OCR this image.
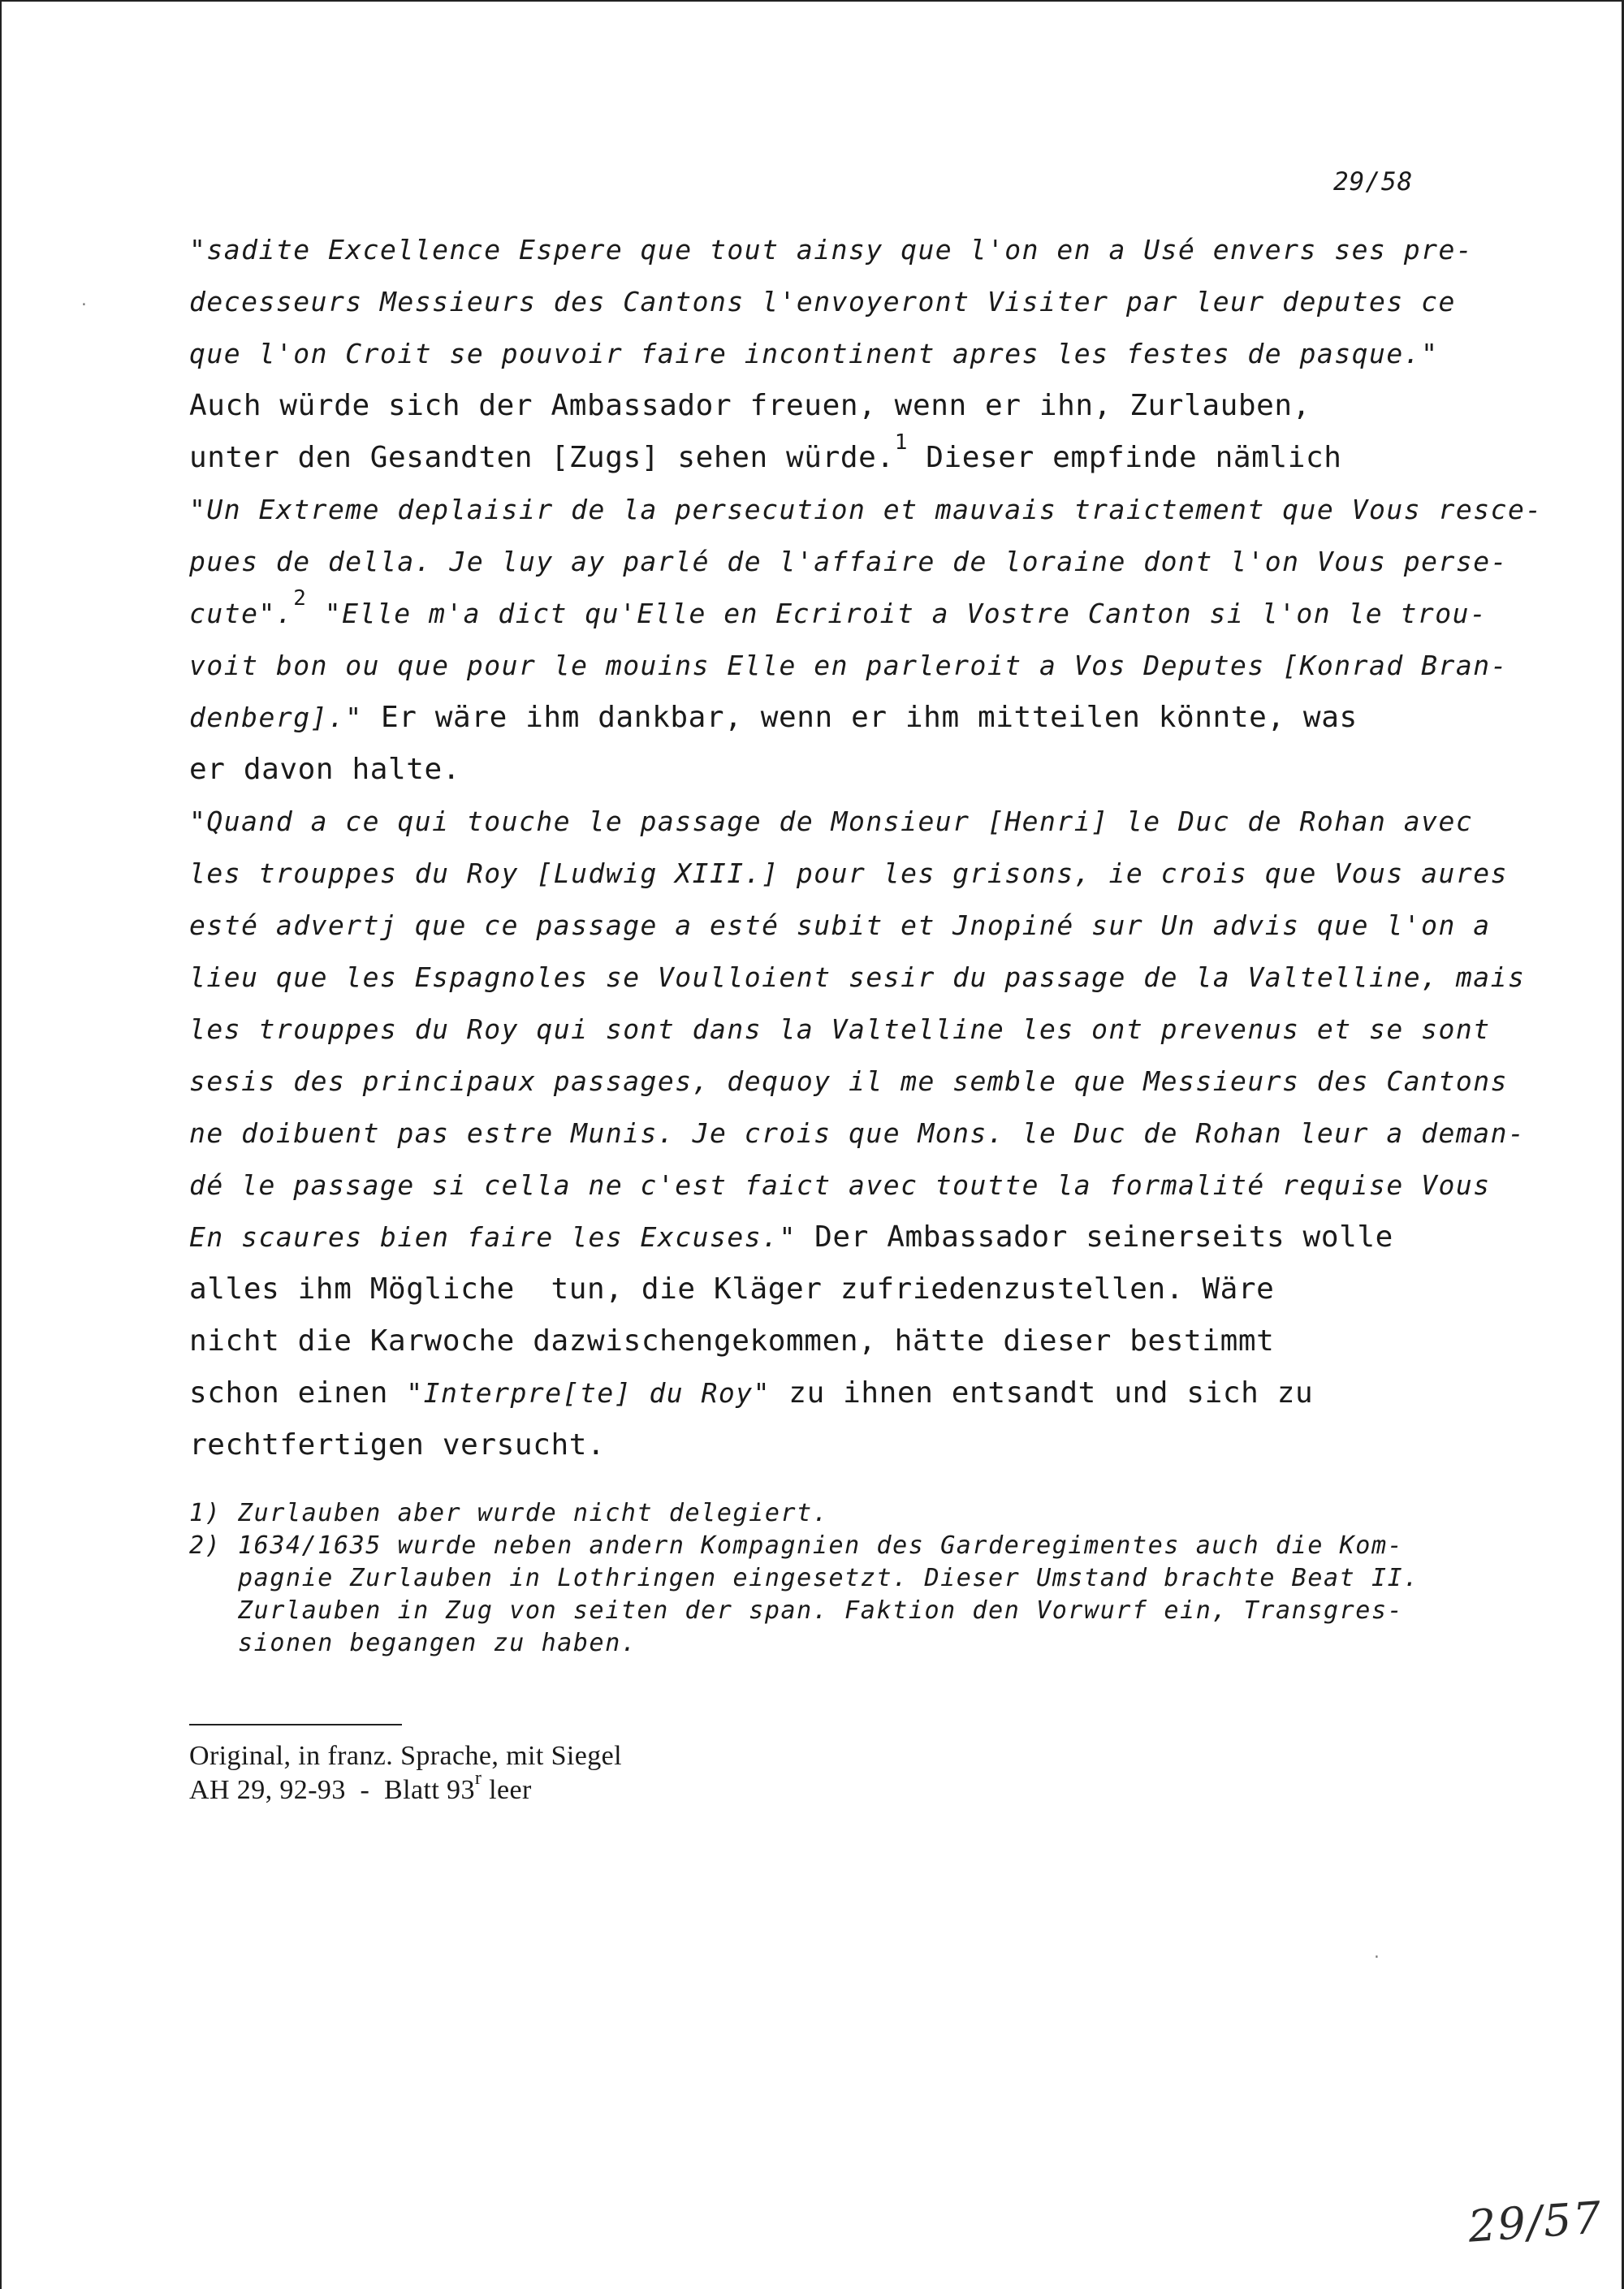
29/58
·
·
"sadite Excellence Espere que tout ainsy que l'on en a Usé envers ses pre-
decesseurs Messieurs des Cantons l'envoyeront Visiter par leur deputes ce
que l'on Croit se pouvoir faire incontinent apres les festes de pasque."
Auch würde sich der Ambassador freuen, wenn er ihn, Zurlauben,
unter den Gesandten [Zugs] sehen würde.$^1$ Dieser empfinde nämlich
"Un Extreme deplaisir de la persecution et mauvais traictement que Vous resce-
pues de della. Je luy ay parlé de l'affaire de loraine dont l'on Vous perse-
cute".$^2$ "Elle m'a dict qu'Elle en Ecriroit a Vostre Canton si l'on le trou-
voit bon ou que pour le mouins Elle en parleroit a Vos Deputes [Konrad Bran-
denberg]." Er wäre ihm dankbar, wenn er ihm mitteilen könnte, was
er davon halte.
"Quand a ce qui touche le passage de Monsieur [Henri] le Duc de Rohan avec
les trouppes du Roy [Ludwig XIII.] pour les grisons, ie crois que Vous aures
esté advertj que ce passage a esté subit et Jnopiné sur Un advis que l'on a
lieu que les Espagnoles se Voulloient sesir du passage de la Valtelline, mais
les trouppes du Roy qui sont dans la Valtelline les ont prevenus et se sont
sesis des principaux passages, dequoy il me semble que Messieurs des Cantons
ne doibuent pas estre Munis. Je crois que Mons. le Duc de Rohan leur a deman-
dé le passage si cella ne c'est faict avec toutte la formalité requise Vous
En scaures bien faire les Excuses." Der Ambassador seinerseits wolle
alles ihm Mögliche  tun, die Kläger zufriedenzustellen. Wäre
nicht die Karwoche dazwischengekommen, hätte dieser bestimmt
schon einen "Interpre[te] du Roy" zu ihnen entsandt und sich zu
rechtfertigen versucht.
1) Zurlauben aber wurde nicht delegiert.
2) 1634/1635 wurde neben andern Kompagnien des Garderegimentes auch die Kom-
pagnie Zurlauben in Lothringen eingesetzt. Dieser Umstand brachte Beat II.
Zurlauben in Zug von seiten der span. Faktion den Vorwurf ein, Transgres-
sionen begangen zu haben.
Original, in franz. Sprache, mit Siegel
AH 29, 92-93  -  Blatt 93$^r$ leer
29/57
